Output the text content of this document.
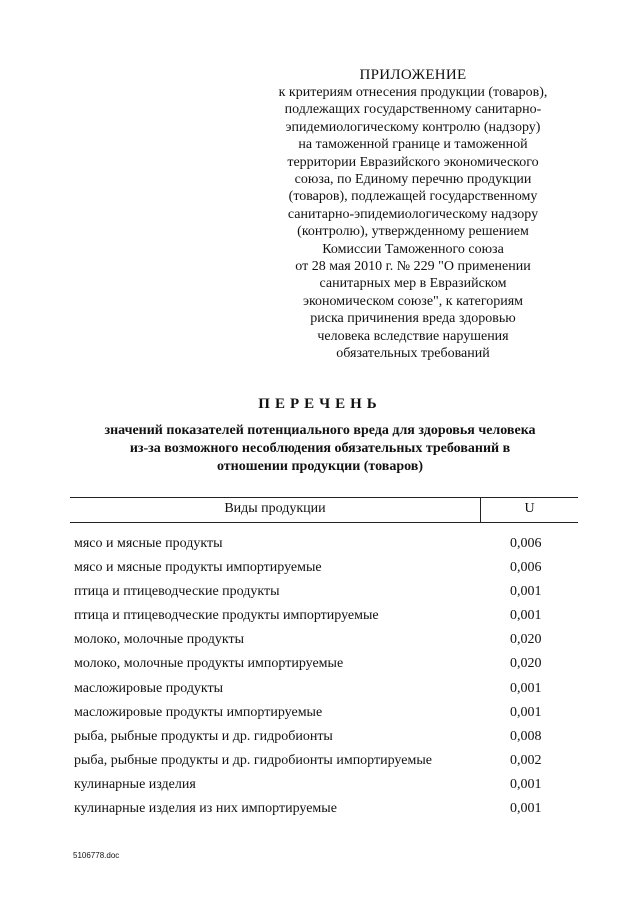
ПРИЛОЖЕНИЕ
к критериям отнесения продукции (товаров),
подлежащих государственному санитарно-
эпидемиологическому контролю (надзору)
на таможенной границе и таможенной
территории Евразийского экономического
союза, по Единому перечню продукции
(товаров), подлежащей государственному
санитарно-эпидемиологическому надзору
(контролю), утвержденному решением
Комиссии Таможенного союза
от 28 мая 2010 г. № 229 "О применении
санитарных мер в Евразийском
экономическом союзе", к категориям
риска причинения вреда здоровью
человека вследствие нарушения
обязательных требований
ПЕРЕЧЕНЬ
значений показателей потенциального вреда для здоровья человека
из-за возможного несоблюдения обязательных требований в
отношении продукции (товаров)
Виды продукции	U
мясо и мясные продукты	0,006
мясо и мясные продукты импортируемые	0,006
птица и птицеводческие продукты	0,001
птица и птицеводческие продукты импортируемые	0,001
молоко, молочные продукты	0,020
молоко, молочные продукты импортируемые	0,020
масложировые продукты	0,001
масложировые продукты импортируемые	0,001
рыба, рыбные продукты и др. гидробионты	0,008
рыба, рыбные продукты и др. гидробионты импортируемые	0,002
кулинарные изделия	0,001
кулинарные изделия из них импортируемые	0,001
5106778.doc
